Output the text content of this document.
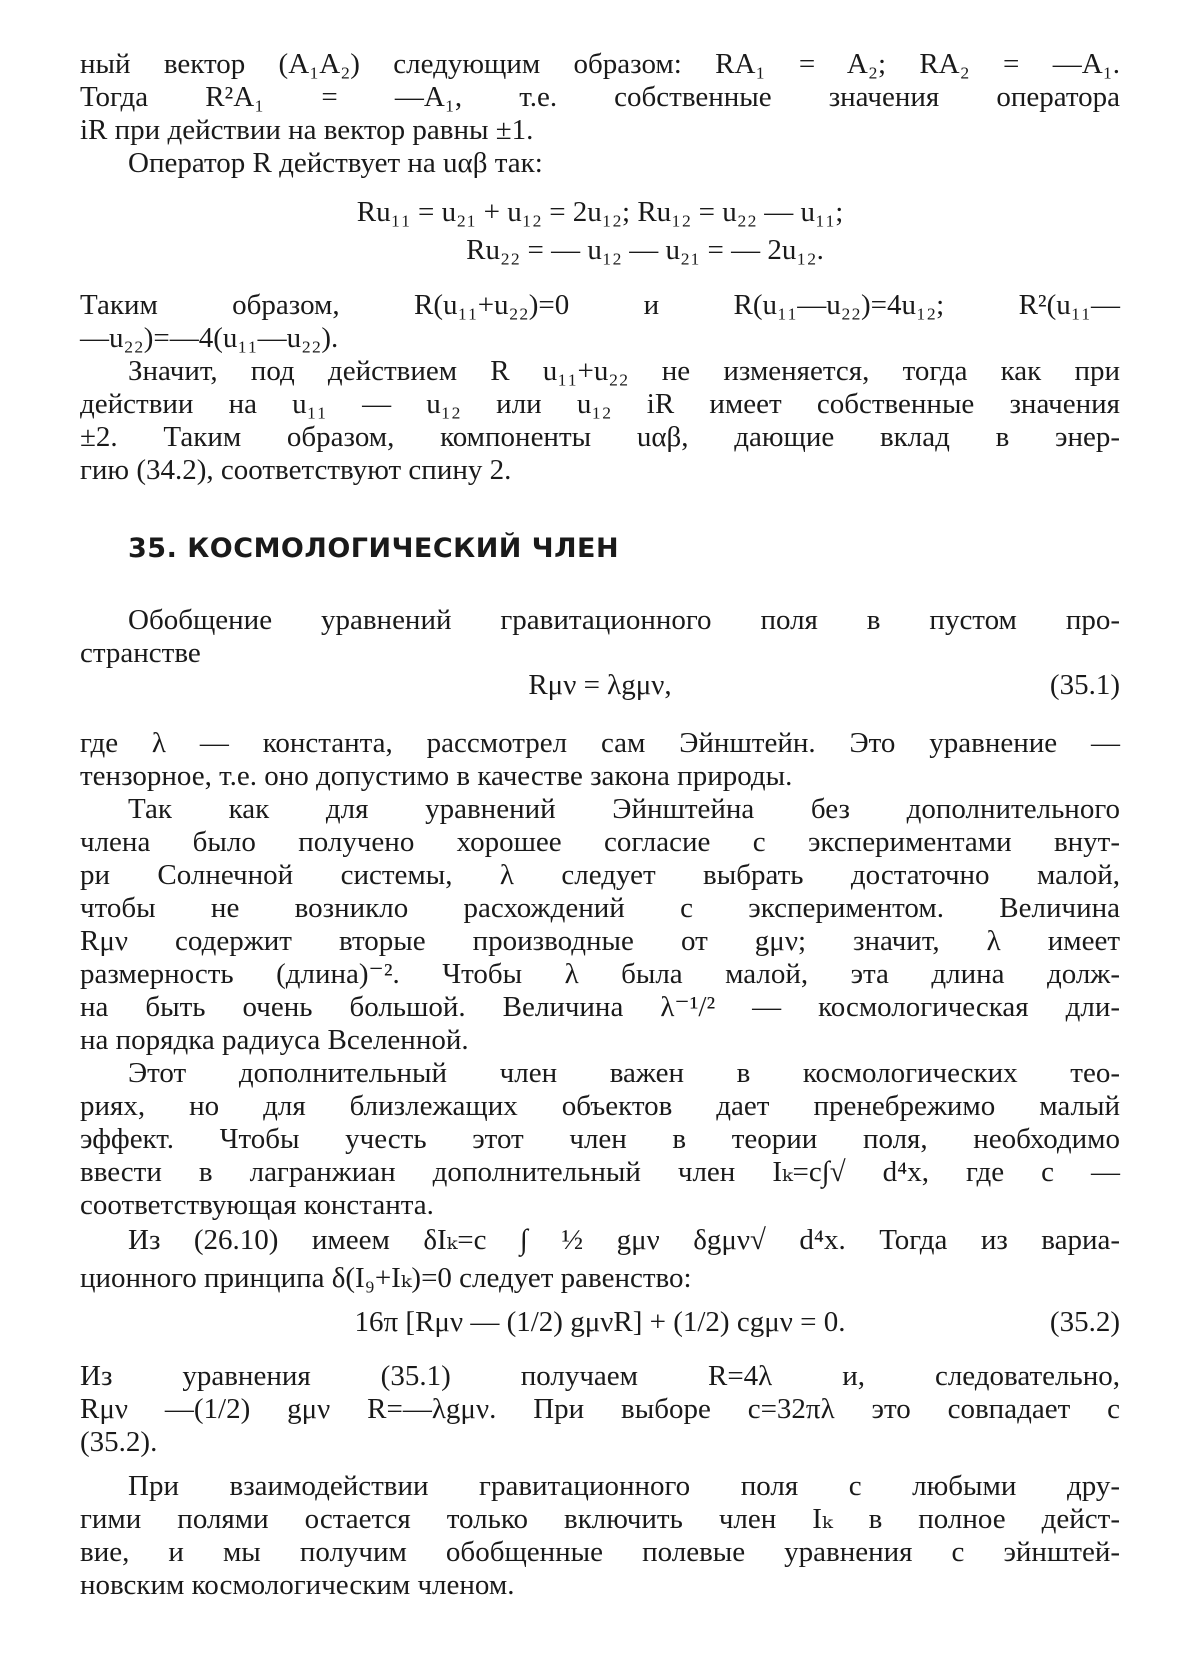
ный вектор (A₁A₂) следующим образом: RA₁ = A₂; RA₂ = —A₁.
Тогда R²A₁ = —A₁, т.е. собственные значения оператора
iR при действии на вектор равны ±1.
Оператор R действует на uαβ так:
Ru₁₁ = u₂₁ + u₁₂ = 2u₁₂; Ru₁₂ = u₂₂ — u₁₁;
Ru₂₂ = — u₁₂ — u₂₁ = — 2u₁₂.
Таким образом, R(u₁₁+u₂₂)=0 и R(u₁₁—u₂₂)=4u₁₂; R²(u₁₁—
—u₂₂)=—4(u₁₁—u₂₂).
Значит, под действием R u₁₁+u₂₂ не изменяется, тогда как при
действии на u₁₁ — u₁₂ или u₁₂ iR имеет собственные значения
±2. Таким образом, компоненты uαβ, дающие вклад в энер-
гию (34.2), соответствуют спину 2.
35. КОСМОЛОГИЧЕСКИЙ ЧЛЕН
Обобщение уравнений гравитационного поля в пустом про-
странстве
Rμν = λgμν,	(35.1)
где λ — константа, рассмотрел сам Эйнштейн. Это уравнение —
тензорное, т.е. оно допустимо в качестве закона природы.
Так как для уравнений Эйнштейна без дополнительного
члена было получено хорошее согласие с экспериментами внут-
ри Солнечной системы, λ следует выбрать достаточно малой,
чтобы не возникло расхождений с экспериментом. Величина
Rμν содержит вторые производные от gμν; значит, λ имеет
размерность (длина)⁻². Чтобы λ была малой, эта длина долж-
на быть очень большой. Величина λ⁻¹/² — космологическая дли-
на порядка радиуса Вселенной.
Этот дополнительный член важен в космологических тео-
риях, но для близлежащих объектов дает пренебрежимо малый
эффект. Чтобы учесть этот член в теории поля, необходимо
ввести в лагранжиан дополнительный член Iₖ=c∫√ d⁴x, где c —
соответствующая константа.
Из (26.10) имеем δIₖ=c ∫ ½ gμν δgμν√ d⁴x. Тогда из вариа-
ционного принципа δ(I₉+Iₖ)=0 следует равенство:
16π [Rμν — (1/2) gμνR] + (1/2) cgμν = 0.	(35.2)
Из уравнения (35.1) получаем R=4λ и, следовательно,
Rμν —(1/2) gμν R=—λgμν. При выборе c=32πλ это совпадает с
(35.2).
При взаимодействии гравитационного поля с любыми дру-
гими полями остается только включить член Iₖ в полное дейст-
вие, и мы получим обобщенные полевые уравнения с эйнштей-
новским космологическим членом.
